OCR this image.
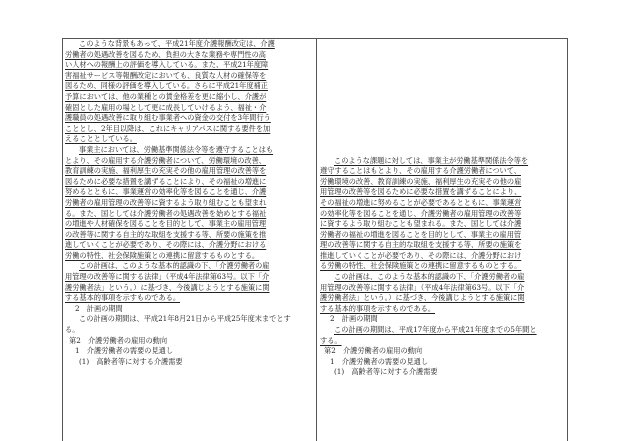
このような背景もあって、平成21年度介護報酬改定は、介護
労働者の処遇改善を図るため、負担の大きな業務や専門性の高
い人材への報酬上の評価を導入している。また、平成21年度障
害福祉サービス等報酬改定においても、良質な人材の確保等を
図るため、同様の評価を導入している。さらに平成21年度補正
予算においては、他の業種との賃金格差を更に縮小し、介護が
確固とした雇用の場として更に成長していけるよう、福祉・介
護職員の処遇改善に取り組む事業者への資金の交付を3年間行う
こととし、2年目以降は、これにキャリアパスに関する要件を加
えることとしている。
事業主においては、労働基準関係法令等を遵守することはも
とより、その雇用する介護労働者について、労働環境の改善、
教育訓練の実施、福利厚生の充実その他の雇用管理の改善等を
図るために必要な措置を講ずることにより、その福祉の増進に
努めるとともに、事業運営の効率化等を図ることを通じ、介護
労働者の雇用管理の改善等に資するよう取り組むことも望まれ
る。また、国としては介護労働者の処遇改善を始めとする福祉
の増進や人材確保を図ることを目的として、事業主の雇用管理
の改善等に関する自主的な取組を支援する等、所要の施策を推
進していくことが必要であり、その際には、介護分野における
労働の特性、社会保険施策との連携に留意するものとする。
この計画は、このような基本的認識の下、「介護労働者の雇
用管理の改善等に関する法律」（平成4年法律第63号。以下「介
護労働者法」という。）に基づき、今後講じようとする施策に関
する基本的事項を示すものである。
2　計画の期間
この計画の期間は、平成21年8月21日から平成25年度末までとす
る。
第2　介護労働者の雇用の動向
1　介護労働者の需要の見通し
(1)　高齢者等に対する介護需要
このような課題に対しては、事業主が労働基準関係法令等を
遵守することはもとより、その雇用する介護労働者について、
労働環境の改善、教育訓練の実施、福利厚生の充実その他の雇
用管理の改善等を図るために必要な措置を講ずることにより、
その福祉の増進に努めることが必要であるとともに、事業運営
の効率化等を図ることを通じ、介護労働者の雇用管理の改善等
に資するよう取り組むことも望まれる。また、国としては介護
労働者の福祉の増進を図ることを目的として、事業主の雇用管
理の改善等に関する自主的な取組を支援する等、所要の施策を
推進していくことが必要であり、その際には、介護分野におけ
る労働の特性、社会保険施策との連携に留意するものとする。
この計画は、このような基本的認識の下、「介護労働者の雇
用管理の改善等に関する法律」（平成4年法律第63号。以下「介
護労働者法」という。）に基づき、今後講じようとする施策に関
する基本的事項を示すものである。
2　計画の期間
この計画の期間は、平成17年度から平成21年度までの5年間と
する。
第2　介護労働者の雇用の動向
1　介護労働者の需要の見通し
(1)　高齢者等に対する介護需要
